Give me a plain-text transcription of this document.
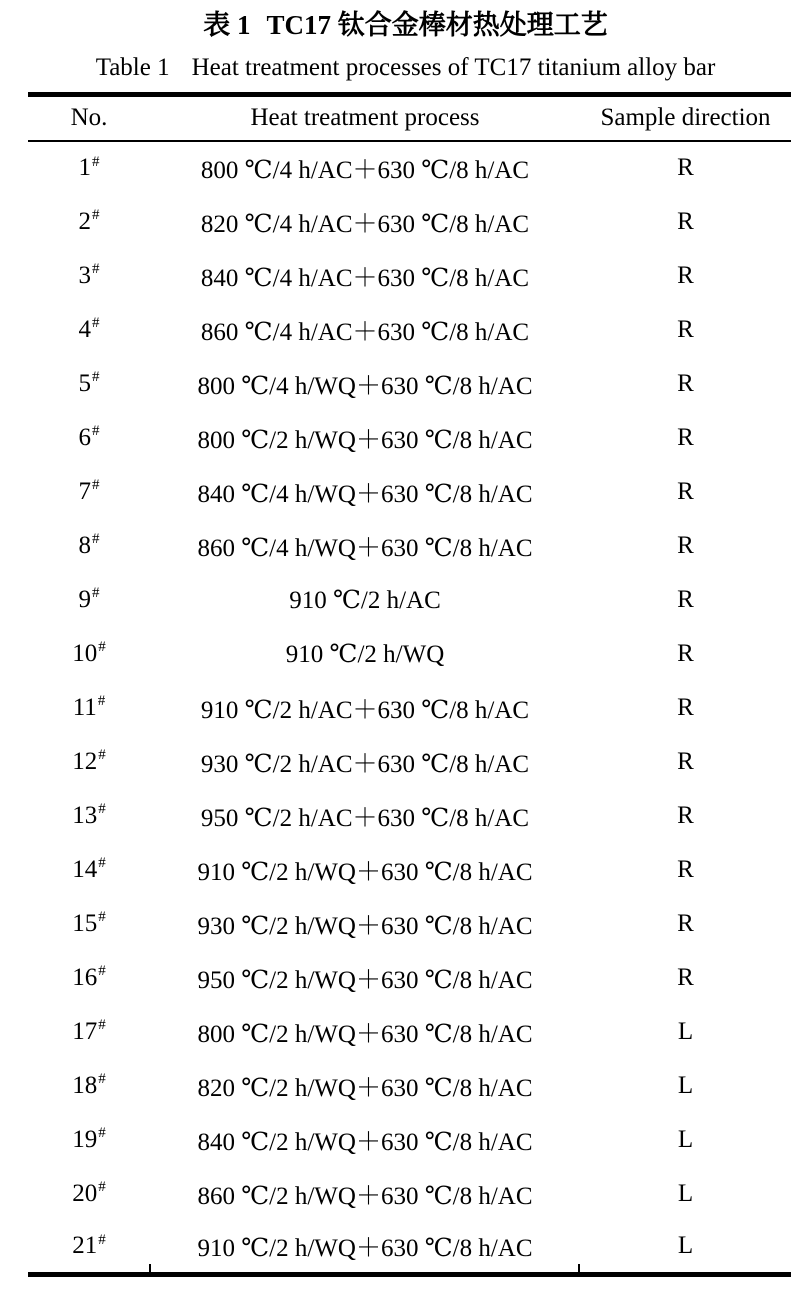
表 1 TC17 钛合金棒材热处理工艺
Table 1 Heat treatment processes of TC17 titanium alloy bar
No.	Heat treatment process	Sample direction
1#	800 ℃/4 h/AC＋630 ℃/8 h/AC	R
2#	820 ℃/4 h/AC＋630 ℃/8 h/AC	R
3#	840 ℃/4 h/AC＋630 ℃/8 h/AC	R
4#	860 ℃/4 h/AC＋630 ℃/8 h/AC	R
5#	800 ℃/4 h/WQ＋630 ℃/8 h/AC	R
6#	800 ℃/2 h/WQ＋630 ℃/8 h/AC	R
7#	840 ℃/4 h/WQ＋630 ℃/8 h/AC	R
8#	860 ℃/4 h/WQ＋630 ℃/8 h/AC	R
9#	910 ℃/2 h/AC	R
10#	910 ℃/2 h/WQ	R
11#	910 ℃/2 h/AC＋630 ℃/8 h/AC	R
12#	930 ℃/2 h/AC＋630 ℃/8 h/AC	R
13#	950 ℃/2 h/AC＋630 ℃/8 h/AC	R
14#	910 ℃/2 h/WQ＋630 ℃/8 h/AC	R
15#	930 ℃/2 h/WQ＋630 ℃/8 h/AC	R
16#	950 ℃/2 h/WQ＋630 ℃/8 h/AC	R
17#	800 ℃/2 h/WQ＋630 ℃/8 h/AC	L
18#	820 ℃/2 h/WQ＋630 ℃/8 h/AC	L
19#	840 ℃/2 h/WQ＋630 ℃/8 h/AC	L
20#	860 ℃/2 h/WQ＋630 ℃/8 h/AC	L
21#	910 ℃/2 h/WQ＋630 ℃/8 h/AC	L
